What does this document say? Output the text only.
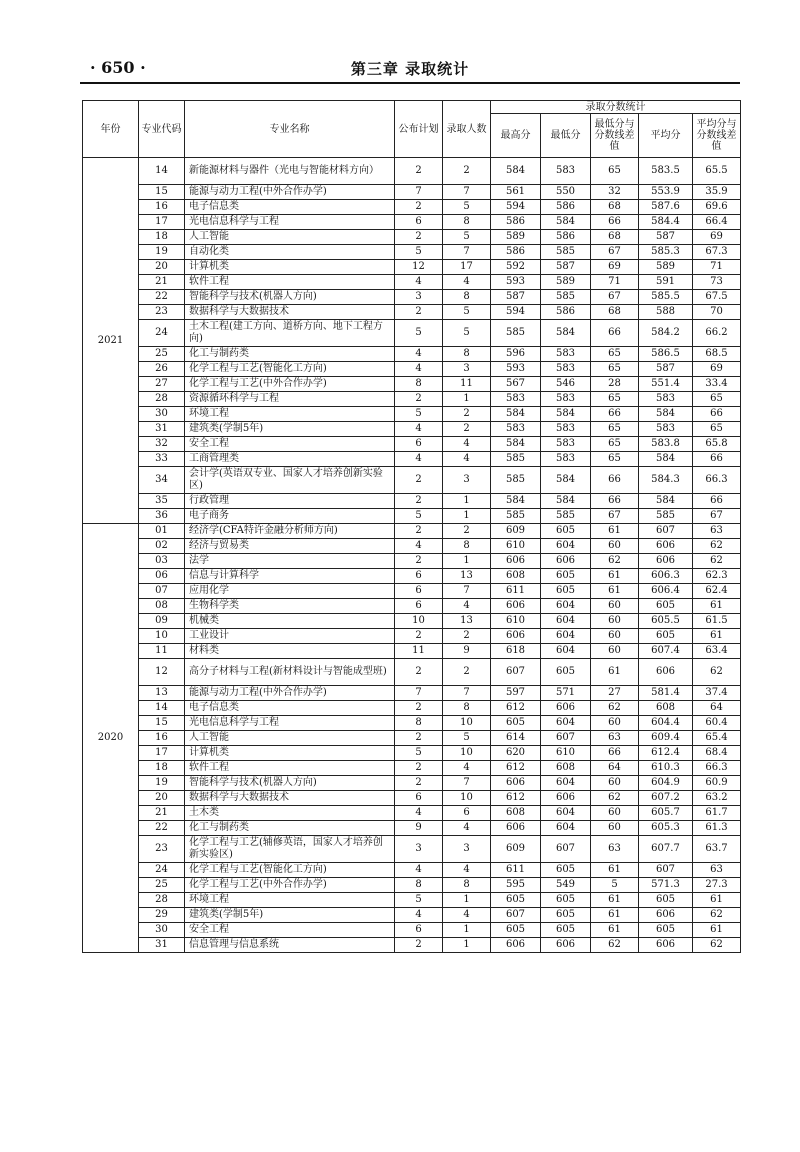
· 650 ·	第三章 录取统计
年份	专业代码	专业名称	公布计划	录取人数	录取分数统计				
					最高分	最低分	最低分与分数线差值	平均分	平均分与分数线差值
2021	14	新能源材料与器件（光电与智能材料方向）	2	2	584	583	65	583.5	65.5
	15	能源与动力工程(中外合作办学)	7	7	561	550	32	553.9	35.9
	16	电子信息类	2	5	594	586	68	587.6	69.6
	17	光电信息科学与工程	6	8	586	584	66	584.4	66.4
	18	人工智能	2	5	589	586	68	587	69
	19	自动化类	5	7	586	585	67	585.3	67.3
	20	计算机类	12	17	592	587	69	589	71
	21	软件工程	4	4	593	589	71	591	73
	22	智能科学与技术(机器人方向)	3	8	587	585	67	585.5	67.5
	23	数据科学与大数据技术	2	5	594	586	68	588	70
	24	土木工程(建工方向、道桥方向、地下工程方向)	5	5	585	584	66	584.2	66.2
	25	化工与制药类	4	8	596	583	65	586.5	68.5
	26	化学工程与工艺(智能化工方向)	4	3	593	583	65	587	69
	27	化学工程与工艺(中外合作办学)	8	11	567	546	28	551.4	33.4
	28	资源循环科学与工程	2	1	583	583	65	583	65
	30	环境工程	5	2	584	584	66	584	66
	31	建筑类(学制5年)	4	2	583	583	65	583	65
	32	安全工程	6	4	584	583	65	583.8	65.8
	33	工商管理类	4	4	585	583	65	584	66
	34	会计学(英语双专业、国家人才培养创新实验区)	2	3	585	584	66	584.3	66.3
	35	行政管理	2	1	584	584	66	584	66
	36	电子商务	5	1	585	585	67	585	67
2020	01	经济学(CFA特许金融分析师方向)	2	2	609	605	61	607	63
	02	经济与贸易类	4	8	610	604	60	606	62
	03	法学	2	1	606	606	62	606	62
	06	信息与计算科学	6	13	608	605	61	606.3	62.3
	07	应用化学	6	7	611	605	61	606.4	62.4
	08	生物科学类	6	4	606	604	60	605	61
	09	机械类	10	13	610	604	60	605.5	61.5
	10	工业设计	2	2	606	604	60	605	61
	11	材料类	11	9	618	604	60	607.4	63.4
	12	高分子材料与工程(新材料设计与智能成型班)	2	2	607	605	61	606	62
	13	能源与动力工程(中外合作办学)	7	7	597	571	27	581.4	37.4
	14	电子信息类	2	8	612	606	62	608	64
	15	光电信息科学与工程	8	10	605	604	60	604.4	60.4
	16	人工智能	2	5	614	607	63	609.4	65.4
	17	计算机类	5	10	620	610	66	612.4	68.4
	18	软件工程	2	4	612	608	64	610.3	66.3
	19	智能科学与技术(机器人方向)	2	7	606	604	60	604.9	60.9
	20	数据科学与大数据技术	6	10	612	606	62	607.2	63.2
	21	土木类	4	6	608	604	60	605.7	61.7
	22	化工与制药类	9	4	606	604	60	605.3	61.3
	23	化学工程与工艺(辅修英语，国家人才培养创新实验区)	3	3	609	607	63	607.7	63.7
	24	化学工程与工艺(智能化工方向)	4	4	611	605	61	607	63
	25	化学工程与工艺(中外合作办学)	8	8	595	549	5	571.3	27.3
	28	环境工程	5	1	605	605	61	605	61
	29	建筑类(学制5年)	4	4	607	605	61	606	62
	30	安全工程	6	1	605	605	61	605	61
	31	信息管理与信息系统	2	1	606	606	62	606	62
